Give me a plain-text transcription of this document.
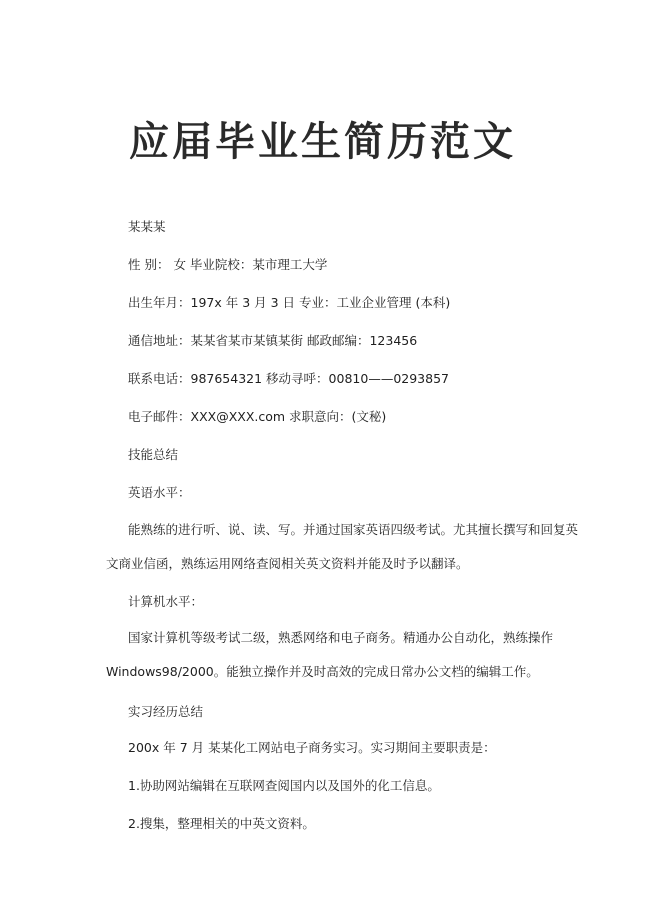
应届毕业生简历范文
某某某
性 别： 女 毕业院校：某市理工大学
出生年月：197x 年 3 月 3 日 专业：工业企业管理 (本科)
通信地址：某某省某市某镇某街 邮政邮编：123456
联系电话：987654321 移动寻呼：00810——0293857
电子邮件：XXX@XXX.com 求职意向：(文秘)
技能总结
英语水平：
能熟练的进行听、说、读、写。并通过国家英语四级考试。尤其擅长撰写和回复英
文商业信函，熟练运用网络查阅相关英文资料并能及时予以翻译。
计算机水平：
国家计算机等级考试二级，熟悉网络和电子商务。精通办公自动化，熟练操作
Windows98/2000。能独立操作并及时高效的完成日常办公文档的编辑工作。
实习经历总结
200x 年 7 月 某某化工网站电子商务实习。实习期间主要职责是：
1.协助网站编辑在互联网查阅国内以及国外的化工信息。
2.搜集，整理相关的中英文资料。
